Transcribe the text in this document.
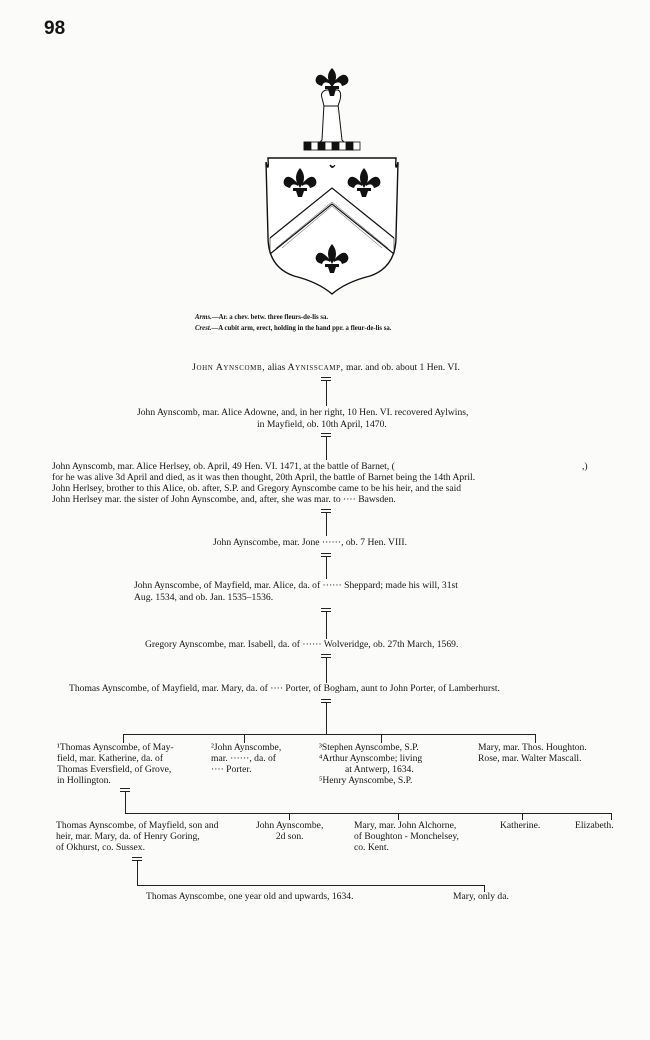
98
Arms.—Ar. a chev. betw. three fleurs-de-lis sa.
Crest.—A cubit arm, erect, holding in the hand ppr. a fleur-de-lis sa.
John Aynscomb, alias Aynisscamp, mar. and ob. about 1 Hen. VI.
John Aynscomb, mar. Alice Adowne, and, in her right, 10 Hen. VI. recovered Aylwins,
in Mayfield, ob. 10th April, 1470.
John Aynscomb, mar. Alice Herlsey, ob. April, 49 Hen. VI. 1471, at the battle of Barnet, (	,)
for he was alive 3d April and died, as it was then thought, 20th April, the battle of Barnet being the 14th April.
John Herlsey, brother to this Alice, ob. after, S.P. and Gregory Aynscombe came to be his heir, and the said
John Herlsey mar. the sister of John Aynscombe, and, after, she was mar. to ···· Bawsden.
John Aynscombe, mar. Jone ······, ob. 7 Hen. VIII.
John Aynscombe, of Mayfield, mar. Alice, da. of ······ Sheppard; made his will, 31st
Aug. 1534, and ob. Jan. 1535–1536.
Gregory Aynscombe, mar. Isabell, da. of ······ Wolveridge, ob. 27th March, 1569.
Thomas Aynscombe, of Mayfield, mar. Mary, da. of ···· Porter, of Bogham, aunt to John Porter, of Lamberhurst.
¹Thomas Aynscombe, of May-
field, mar. Katherine, da. of
Thomas Eversfield, of Grove,
in Hollington.
²John Aynscombe,
mar. ······, da. of
···· Porter.
³Stephen Aynscombe, S.P.
⁴Arthur Aynscombe; living
at Antwerp, 1634.
⁵Henry Aynscombe, S.P.
Mary, mar. Thos. Houghton.
Rose, mar. Walter Mascall.
Thomas Aynscombe, of Mayfield, son and
heir, mar. Mary, da. of Henry Goring,
of Okhurst, co. Sussex.
John Aynscombe,
2d son.
Mary, mar. John Alchorne,
of Boughton - Monchelsey,
co. Kent.
Katherine.	Elizabeth.
Thomas Aynscombe, one year old and upwards, 1634.	Mary, only da.
